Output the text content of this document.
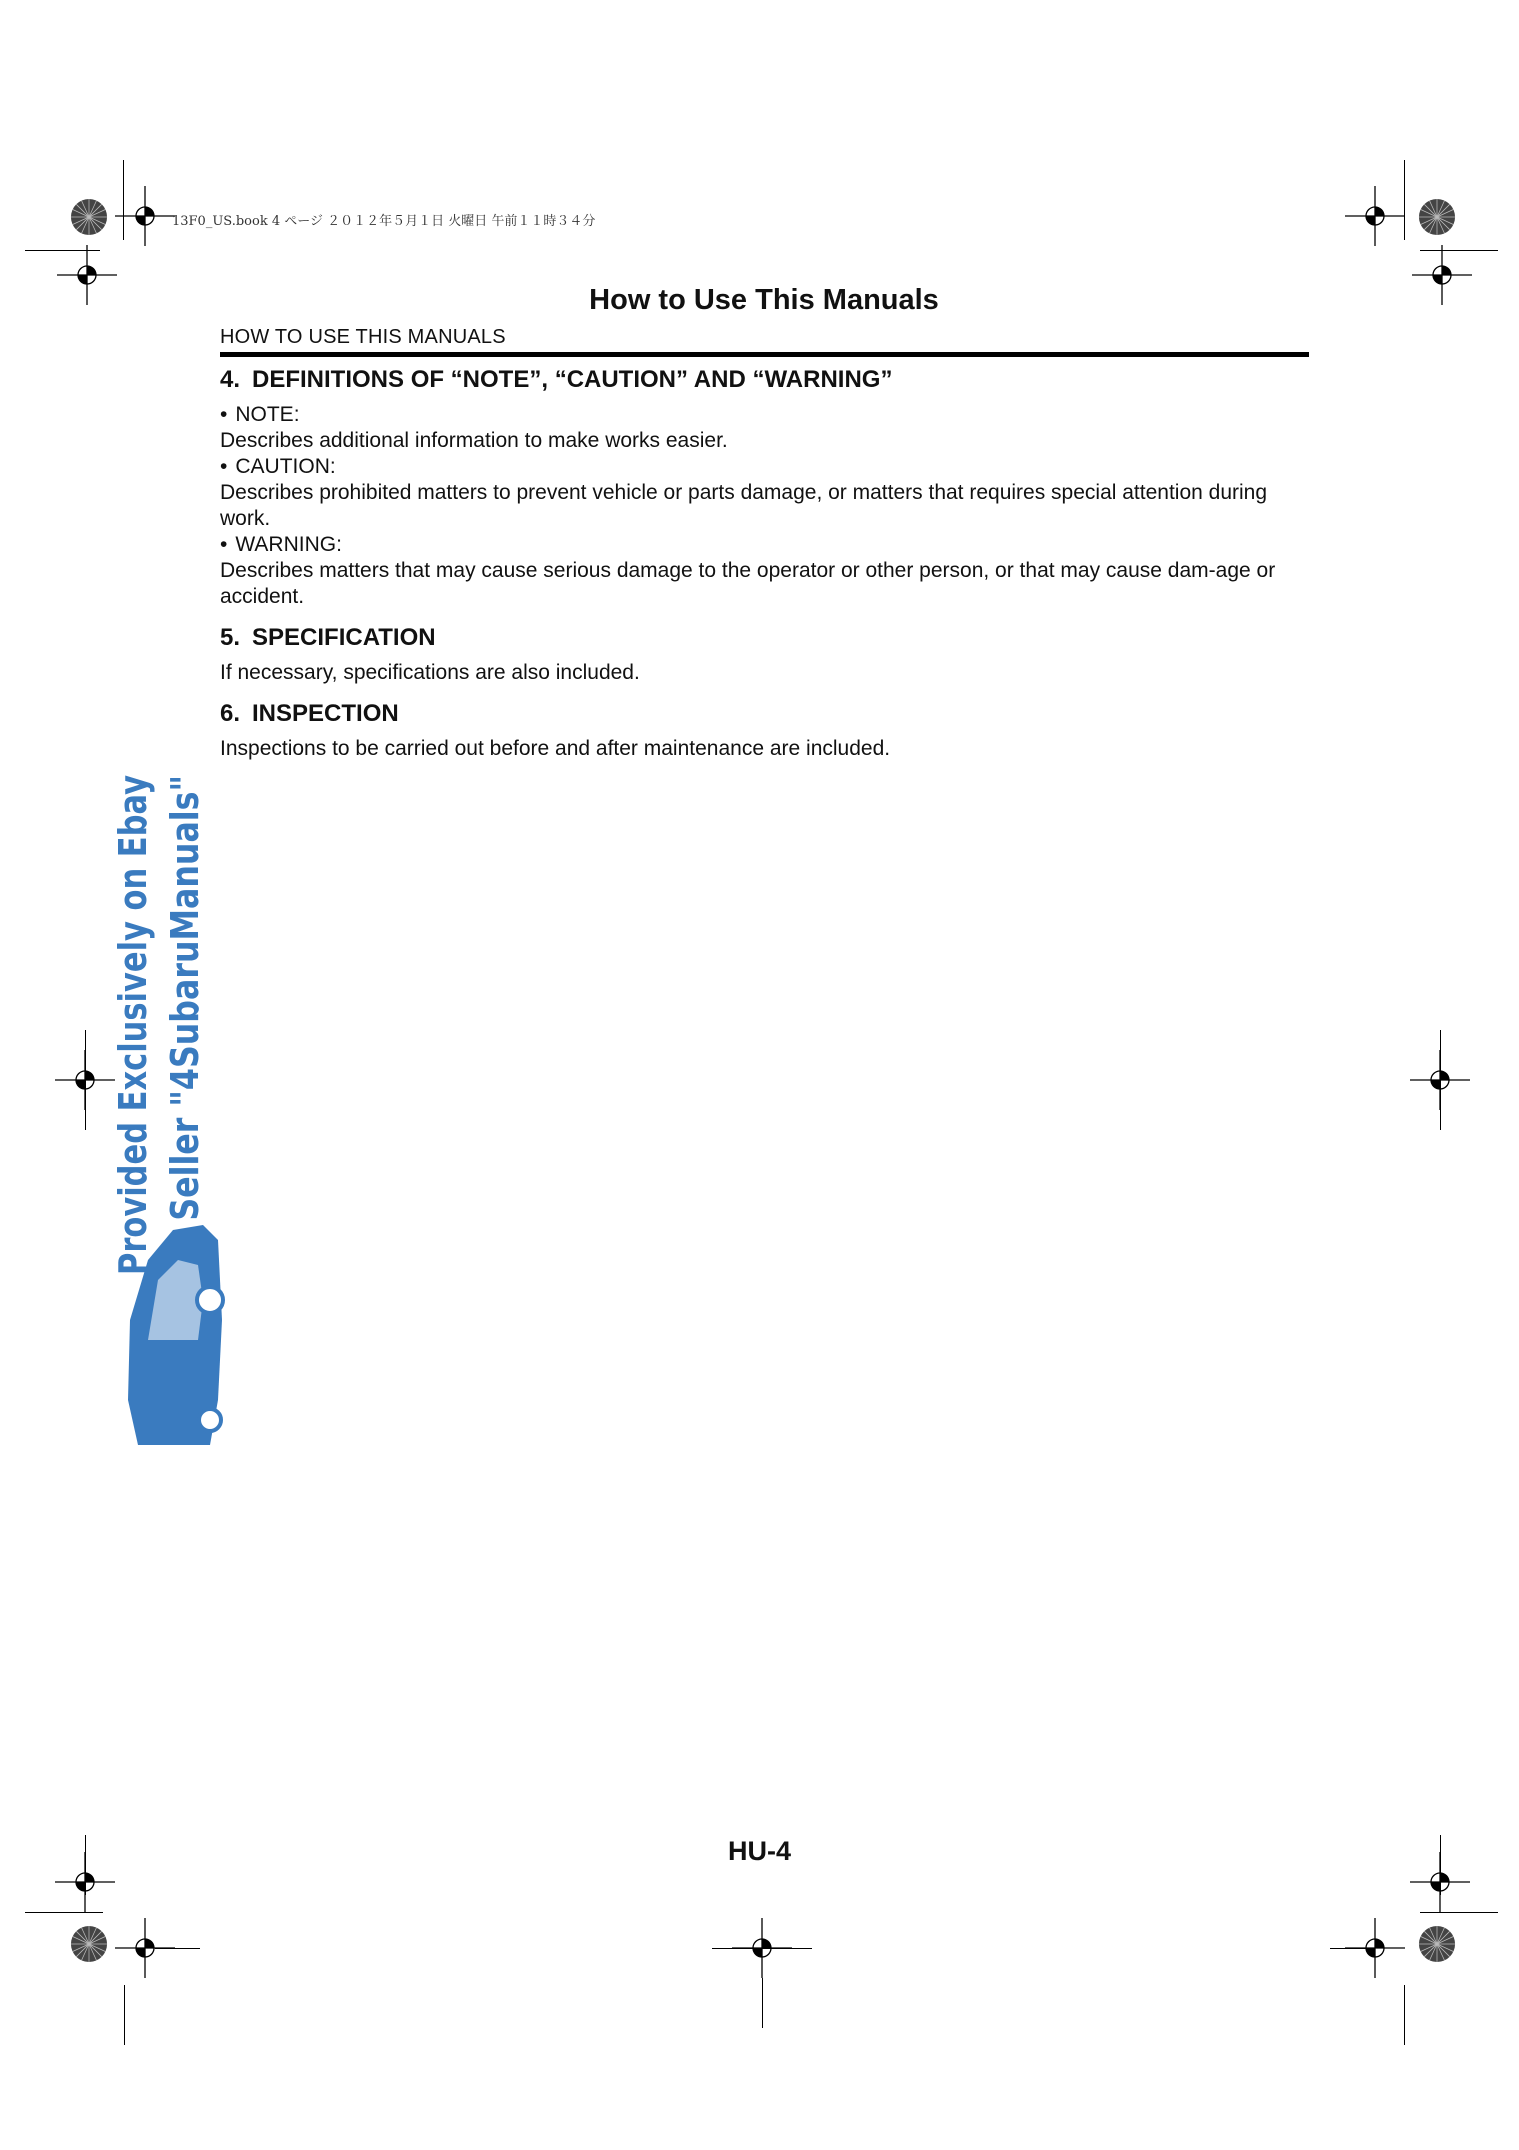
13F0_US.book 4 ページ ２０１２年５月１日 火曜日 午前１１時３４分
How to Use This Manuals
HOW TO USE THIS MANUALS
4. DEFINITIONS OF “NOTE”, “CAUTION” AND “WARNING”
• NOTE:

Describes additional information to make works easier.

• CAUTION:

Describes prohibited matters to prevent vehicle or parts damage, or matters that requires special attention during work.

• WARNING:

Describes matters that may cause serious damage to the operator or other person, or that may cause dam-age or accident.

5. SPECIFICATION

If necessary, specifications are also included.

6. INSPECTION

Inspections to be carried out before and after maintenance are included.

Provided Exclusively on Ebay by Seller "4SubaruManuals"
HU-4
